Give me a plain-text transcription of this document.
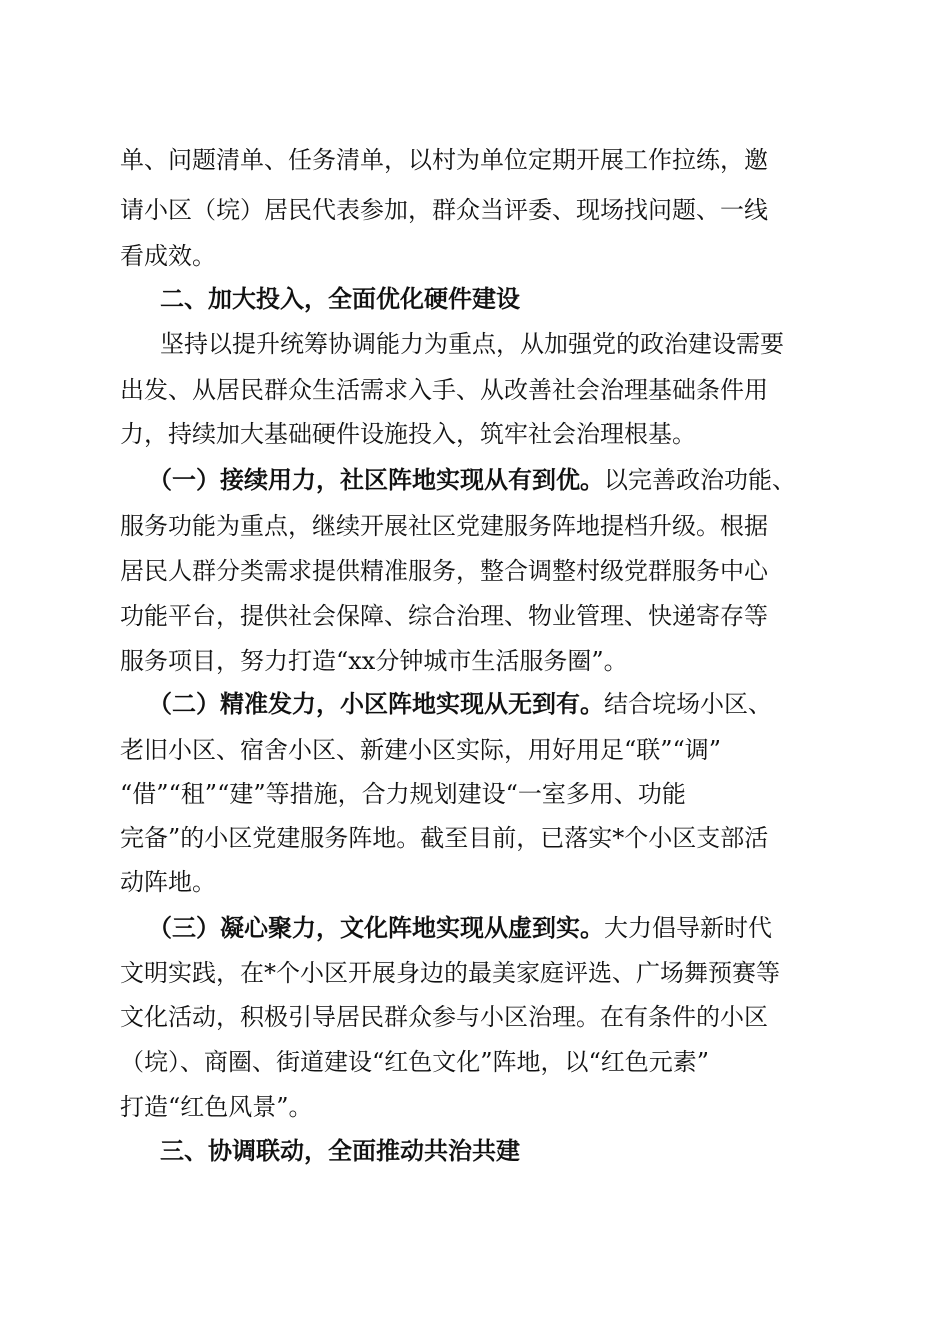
单、问题清单、任务清单，以村为单位定期开展工作拉练，邀
请小区（垸）居民代表参加，群众当评委、现场找问题、一线
看成效。
二、加大投入，全面优化硬件建设
坚持以提升统筹协调能力为重点，从加强党的政治建设需要
出发、从居民群众生活需求入手、从改善社会治理基础条件用
力，持续加大基础硬件设施投入，筑牢社会治理根基。
（一）接续用力，社区阵地实现从有到优。以完善政治功能、
服务功能为重点，继续开展社区党建服务阵地提档升级。根据
居民人群分类需求提供精准服务，整合调整村级党群服务中心
功能平台，提供社会保障、综合治理、物业管理、快递寄存等
服务项目，努力打造“xx分钟城市生活服务圈”。
（二）精准发力，小区阵地实现从无到有。结合垸场小区、
老旧小区、宿舍小区、新建小区实际，用好用足“联”“调”
“借”“租”“建”等措施，合力规划建设“一室多用、功能
完备”的小区党建服务阵地。截至目前，已落实*个小区支部活
动阵地。
（三）凝心聚力，文化阵地实现从虚到实。大力倡导新时代
文明实践，在*个小区开展身边的最美家庭评选、广场舞预赛等
文化活动，积极引导居民群众参与小区治理。在有条件的小区
（垸）、商圈、街道建设“红色文化”阵地，以“红色元素”
打造“红色风景”。
三、协调联动，全面推动共治共建
